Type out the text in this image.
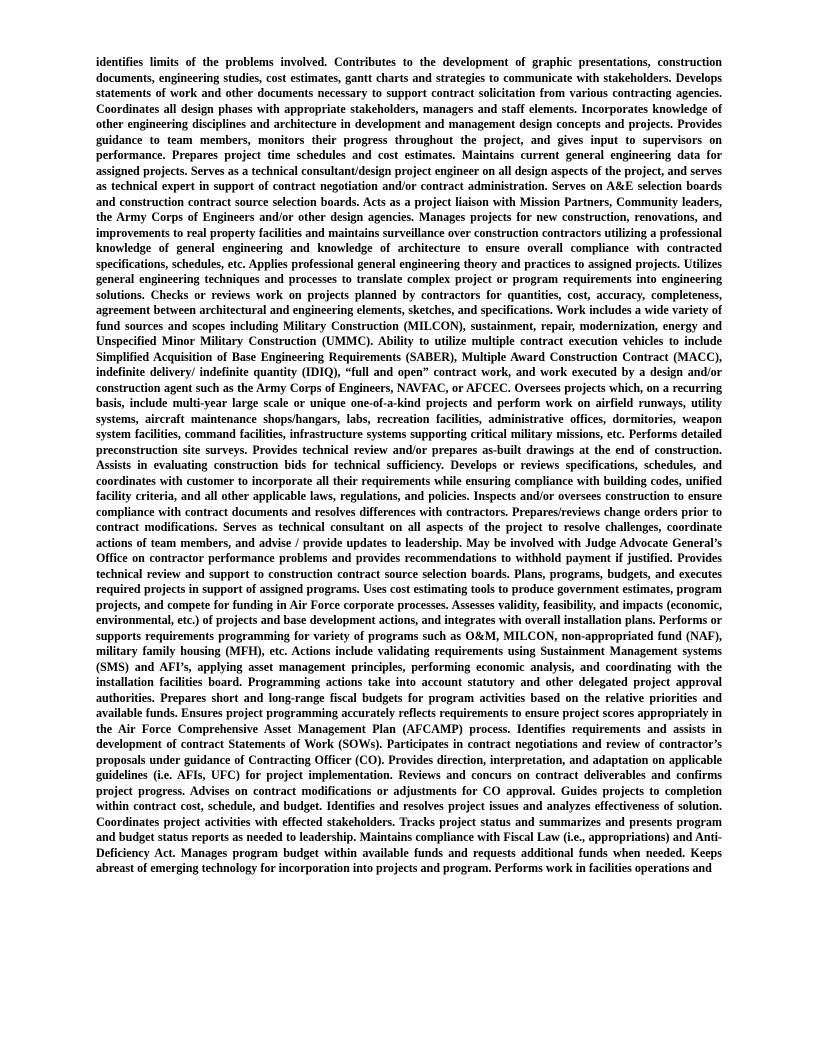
identifies limits of the problems involved. Contributes to the development of graphic presentations, construction documents, engineering studies, cost estimates, gantt charts and strategies to communicate with stakeholders. Develops statements of work and other documents necessary to support contract solicitation from various contracting agencies. Coordinates all design phases with appropriate stakeholders, managers and staff elements. Incorporates knowledge of other engineering disciplines and architecture in development and management design concepts and projects. Provides guidance to team members, monitors their progress throughout the project, and gives input to supervisors on performance. Prepares project time schedules and cost estimates. Maintains current general engineering data for assigned projects. Serves as a technical consultant/design project engineer on all design aspects of the project, and serves as technical expert in support of contract negotiation and/or contract administration. Serves on A&E selection boards and construction contract source selection boards. Acts as a project liaison with Mission Partners, Community leaders, the Army Corps of Engineers and/or other design agencies. Manages projects for new construction, renovations, and improvements to real property facilities and maintains surveillance over construction contractors utilizing a professional knowledge of general engineering and knowledge of architecture to ensure overall compliance with contracted specifications, schedules, etc. Applies professional general engineering theory and practices to assigned projects. Utilizes general engineering techniques and processes to translate complex project or program requirements into engineering solutions. Checks or reviews work on projects planned by contractors for quantities, cost, accuracy, completeness, agreement between architectural and engineering elements, sketches, and specifications. Work includes a wide variety of fund sources and scopes including Military Construction (MILCON), sustainment, repair, modernization, energy and Unspecified Minor Military Construction (UMMC). Ability to utilize multiple contract execution vehicles to include Simplified Acquisition of Base Engineering Requirements (SABER), Multiple Award Construction Contract (MACC), indefinite delivery/ indefinite quantity (IDIQ), “full and open” contract work, and work executed by a design and/or construction agent such as the Army Corps of Engineers, NAVFAC, or AFCEC. Oversees projects which, on a recurring basis, include multi-year large scale or unique one-of-a-kind projects and perform work on airfield runways, utility systems, aircraft maintenance shops/hangars, labs, recreation facilities, administrative offices, dormitories, weapon system facilities, command facilities, infrastructure systems supporting critical military missions, etc. Performs detailed preconstruction site surveys. Provides technical review and/or prepares as-built drawings at the end of construction. Assists in evaluating construction bids for technical sufficiency. Develops or reviews specifications, schedules, and coordinates with customer to incorporate all their requirements while ensuring compliance with building codes, unified facility criteria, and all other applicable laws, regulations, and policies. Inspects and/or oversees construction to ensure compliance with contract documents and resolves differences with contractors. Prepares/reviews change orders prior to contract modifications. Serves as technical consultant on all aspects of the project to resolve challenges, coordinate actions of team members, and advise / provide updates to leadership. May be involved with Judge Advocate General’s Office on contractor performance problems and provides recommendations to withhold payment if justified. Provides technical review and support to construction contract source selection boards. Plans, programs, budgets, and executes required projects in support of assigned programs. Uses cost estimating tools to produce government estimates, program projects, and compete for funding in Air Force corporate processes. Assesses validity, feasibility, and impacts (economic, environmental, etc.) of projects and base development actions, and integrates with overall installation plans. Performs or supports requirements programming for variety of programs such as O&M, MILCON, non-appropriated fund (NAF), military family housing (MFH), etc. Actions include validating requirements using Sustainment Management systems (SMS) and AFI’s, applying asset management principles, performing economic analysis, and coordinating with the installation facilities board. Programming actions take into account statutory and other delegated project approval authorities. Prepares short and long-range fiscal budgets for program activities based on the relative priorities and available funds. Ensures project programming accurately reflects requirements to ensure project scores appropriately in the Air Force Comprehensive Asset Management Plan (AFCAMP) process. Identifies requirements and assists in development of contract Statements of Work (SOWs). Participates in contract negotiations and review of contractor’s proposals under guidance of Contracting Officer (CO). Provides direction, interpretation, and adaptation on applicable guidelines (i.e. AFIs, UFC) for project implementation. Reviews and concurs on contract deliverables and confirms project progress. Advises on contract modifications or adjustments for CO approval. Guides projects to completion within contract cost, schedule, and budget. Identifies and resolves project issues and analyzes effectiveness of solution. Coordinates project activities with effected stakeholders. Tracks project status and summarizes and presents program and budget status reports as needed to leadership. Maintains compliance with Fiscal Law (i.e., appropriations) and Anti-Deficiency Act. Manages program budget within available funds and requests additional funds when needed. Keeps abreast of emerging technology for incorporation into projects and program. Performs work in facilities operations and
